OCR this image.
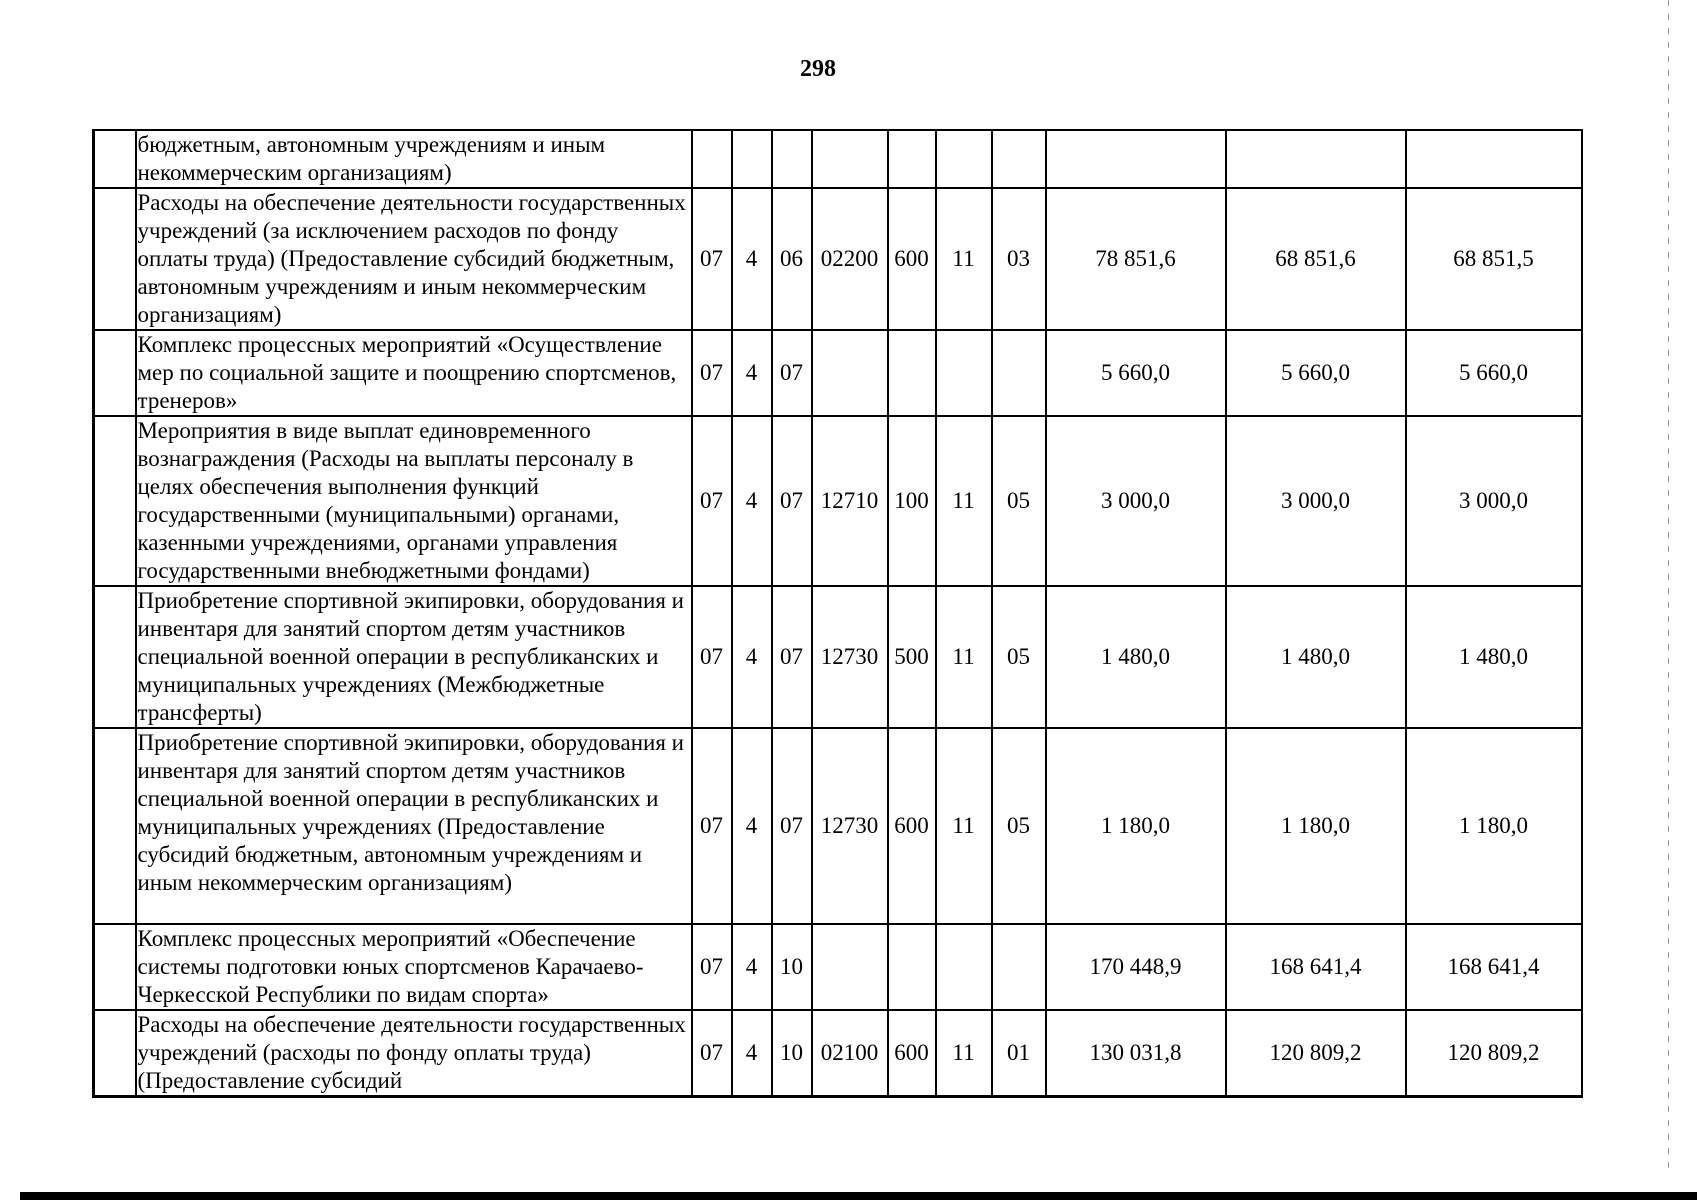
298
	бюджетным, автономным учреждениям и иным некоммерческим организациям)										
	Расходы на обеспечение деятельности государственных учреждений (за исключением расходов по фонду оплаты труда) (Предоставление субсидий бюджетным, автономным учреждениям и иным некоммерческим организациям)	07	4	06	02200	600	11	03	78 851,6	68 851,6	68 851,5
	Комплекс процессных мероприятий «Осуществление мер по социальной защите и поощрению спортсменов, тренеров»	07	4	07					5 660,0	5 660,0	5 660,0
	Мероприятия в виде выплат единовременного вознаграждения (Расходы на выплаты персоналу в целях обеспечения выполнения функций государственными (муниципальными) органами, казенными учреждениями, органами управления государственными внебюджетными фондами)	07	4	07	12710	100	11	05	3 000,0	3 000,0	3 000,0
	Приобретение спортивной экипировки, оборудования и инвентаря для занятий спортом детям участников специальной военной операции в республиканских и муниципальных учреждениях (Межбюджетные трансферты)	07	4	07	12730	500	11	05	1 480,0	1 480,0	1 480,0
	Приобретение спортивной экипировки, оборудования и инвентаря для занятий спортом детям участников специальной военной операции в республиканских и муниципальных учреждениях (Предоставление субсидий бюджетным, автономным учреждениям и иным некоммерческим организациям)	07	4	07	12730	600	11	05	1 180,0	1 180,0	1 180,0
	Комплекс процессных мероприятий «Обеспечение системы подготовки юных спортсменов Карачаево-Черкесской Республики по видам спорта»	07	4	10					170 448,9	168 641,4	168 641,4
	Расходы на обеспечение деятельности государственных учреждений (расходы по фонду оплаты труда) (Предоставление субсидий	07	4	10	02100	600	11	01	130 031,8	120 809,2	120 809,2
